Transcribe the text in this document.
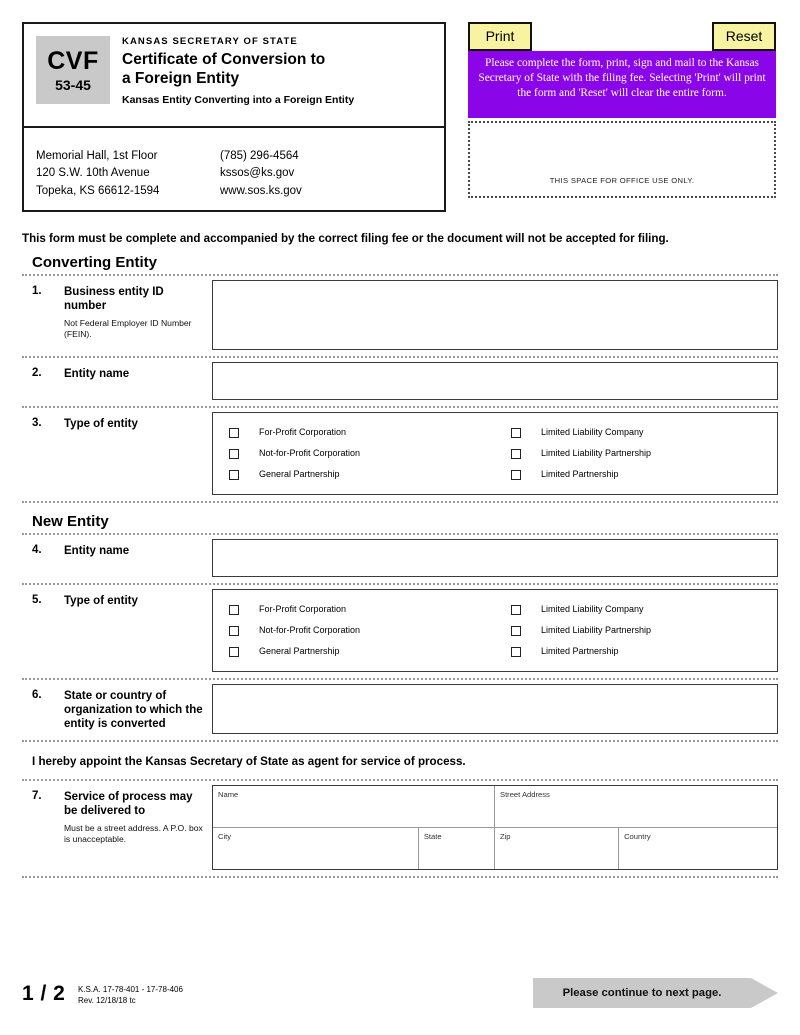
CVF
53-45
KANSAS SECRETARY OF STATE
Certificate of Conversion to
a Foreign Entity
Kansas Entity Converting into a Foreign Entity
Memorial Hall, 1st Floor
120 S.W. 10th Avenue
Topeka, KS 66612-1594
(785) 296-4564
kssos@ks.gov
www.sos.ks.gov
Print	Reset
Please complete the form, print, sign and mail to the Kansas Secretary of State with the filing fee. Selecting 'Print' will print the form and 'Reset' will clear the entire form.
THIS SPACE FOR OFFICE USE ONLY.
This form must be complete and accompanied by the correct filing fee or the document will not be accepted for filing.
Converting Entity
1. Business entity ID number
Not Federal Employer ID Number (FEIN).
2. Entity name
3. Type of entity
For-Profit Corporation
Not-for-Profit Corporation
General Partnership
Limited Liability Company
Limited Liability Partnership
Limited Partnership
New Entity
4. Entity name
5. Type of entity
For-Profit Corporation
Not-for-Profit Corporation
General Partnership
Limited Liability Company
Limited Liability Partnership
Limited Partnership
6. State or country of organization to which the entity is converted
I hereby appoint the Kansas Secretary of State as agent for service of process.
7. Service of process may be delivered to
Must be a street address. A P.O. box is unacceptable.
Name	Street Address
City	State	Zip	Country
1 / 2 K.S.A. 17-78-401 - 17-78-406
Rev. 12/18/18 tc
Please continue to next page.
